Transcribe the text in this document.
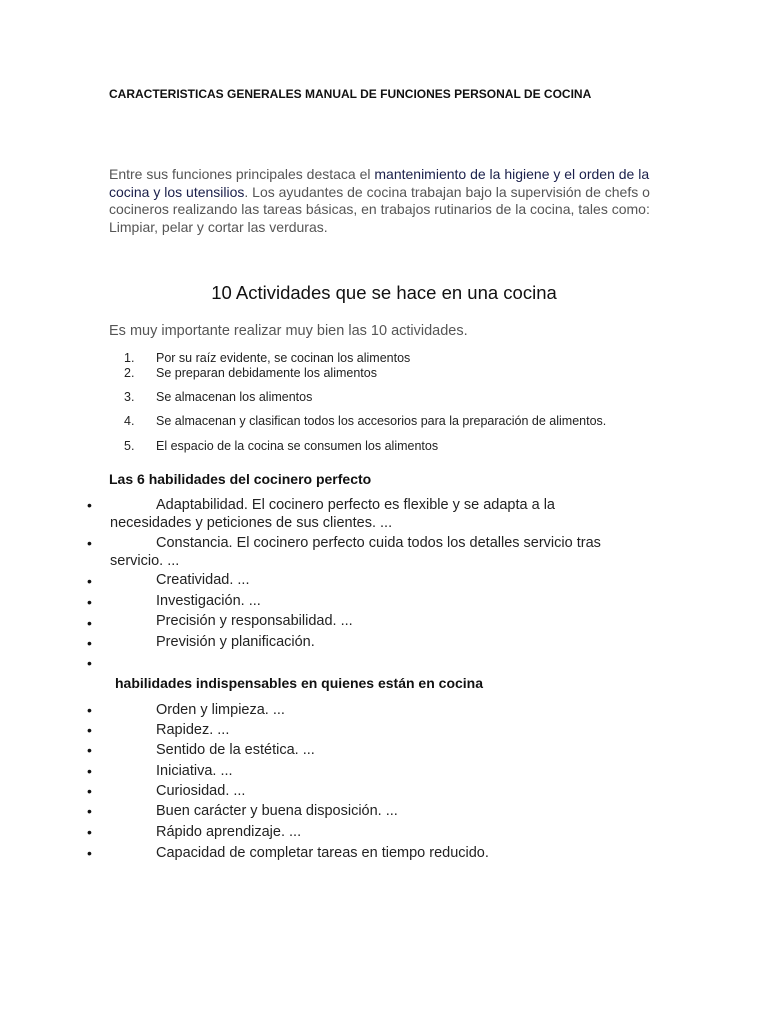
CARACTERISTICAS GENERALES MANUAL DE FUNCIONES PERSONAL DE COCINA
Entre sus funciones principales destaca el mantenimiento de la higiene y el orden de la cocina y los utensilios. Los ayudantes de cocina trabajan bajo la supervisión de chefs o cocineros realizando las tareas básicas, en trabajos rutinarios de la cocina, tales como: Limpiar, pelar y cortar las verduras.
10 Actividades que se hace en una cocina
Es muy importante realizar muy bien las 10 actividades.
1. Por su raíz evidente, se cocinan los alimentos
2. Se preparan debidamente los alimentos
3. Se almacenan los alimentos
4. Se almacenan y clasifican todos los accesorios para la preparación de alimentos.
5. El espacio de la cocina se consumen los alimentos
Las 6 habilidades del cocinero perfecto
•	Adaptabilidad. El cocinero perfecto es flexible y se adapta a la
necesidades y peticiones de sus clientes. ...
•	Constancia. El cocinero perfecto cuida todos los detalles servicio tras
servicio. ...
•	Creatividad. ...
•	Investigación. ...
•	Precisión y responsabilidad. ...
•	Previsión y planificación.
•
habilidades indispensables en quienes están en cocina
•	Orden y limpieza. ...
•	Rapidez. ...
•	Sentido de la estética. ...
•	Iniciativa. ...
•	Curiosidad. ...
•	Buen carácter y buena disposición. ...
•	Rápido aprendizaje. ...
•	Capacidad de completar tareas en tiempo reducido.
